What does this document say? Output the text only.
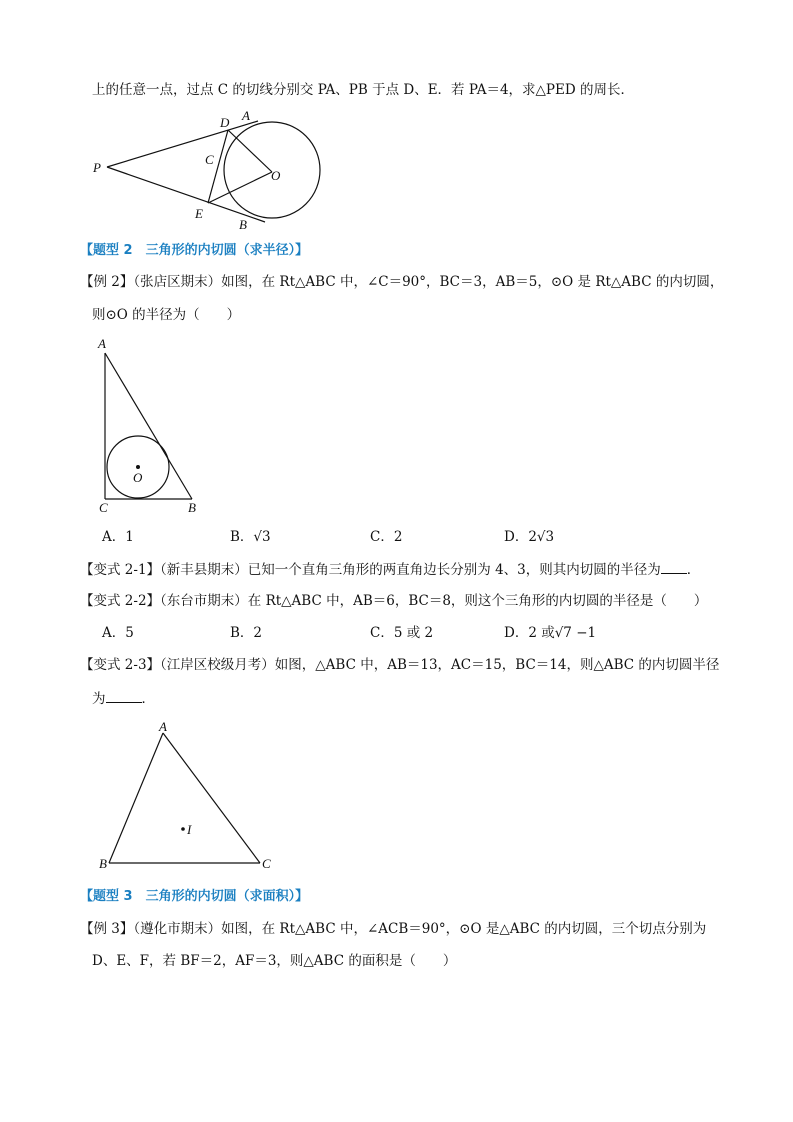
上的任意一点，过点 C 的切线分别交 PA、PB 于点 D、E．若 PA＝4，求△PED 的周长．
P
D A
C
O
E
B
【题型 2　三角形的内切圆（求半径）】
【例 2】（张店区期末）如图，在 Rt△ABC 中，∠C＝90°，BC＝3，AB＝5，⊙O 是 Rt△ABC 的内切圆，
则⊙O 的半径为（　　）
A
O
C	B
A．1	B．√3	C．2	D．2√3
【变式 2-1】（新丰县期末）已知一个直角三角形的两直角边长分别为 4、3，则其内切圆的半径为 ．
【变式 2-2】（东台市期末）在 Rt△ABC 中，AB＝6，BC＝8，则这个三角形的内切圆的半径是（　　）
A．5	B．2	C．5 或 2	D．2 或√7 −1
【变式 2-3】（江岸区校级月考）如图，△ABC 中，AB＝13，AC＝15，BC＝14，则△ABC 的内切圆半径
为	．
A
B	C
I
【题型 3　三角形的内切圆（求面积）】
【例 3】（遵化市期末）如图，在 Rt△ABC 中，∠ACB＝90°，⊙O 是△ABC 的内切圆，三个切点分别为
D、E、F，若 BF＝2，AF＝3，则△ABC 的面积是（　　）
